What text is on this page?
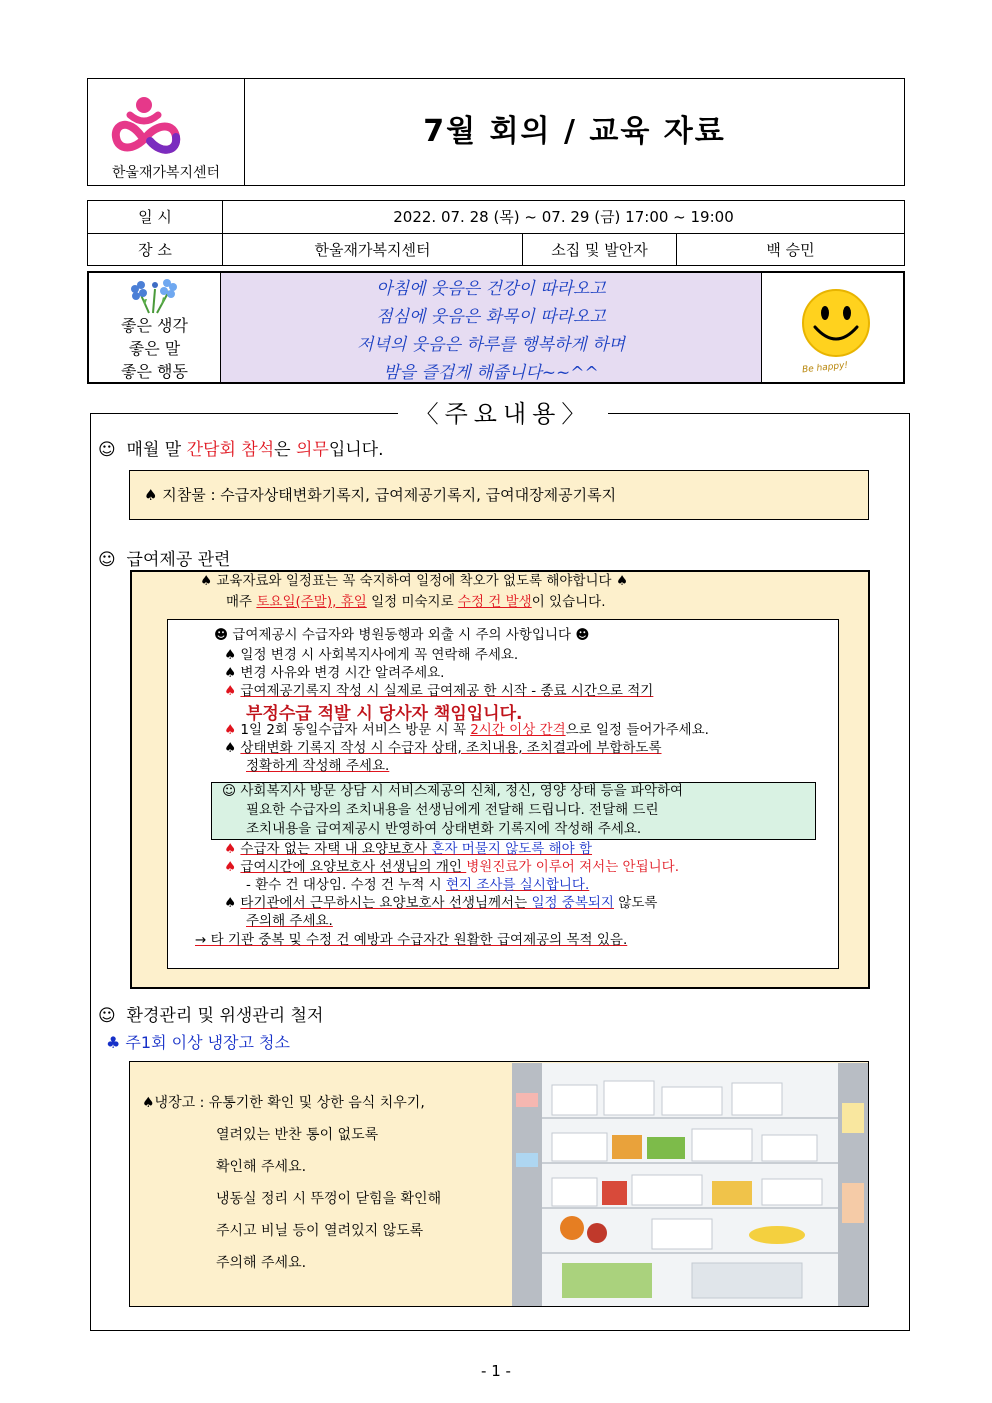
한울재가복지센터
7월 회의 / 교육 자료
일 시	2022. 07. 28 (목) ~ 07. 29 (금) 17:00 ~ 19:00
장 소	한울재가복지센터	소집 및 발안자	백 승민
좋은 생각
좋은 말
좋은 행동
아침에 웃음은 건강이 따라오고
점심에 웃음은 화목이 따라오고
저녁의 웃음은 하루를 행복하게 하며
밤을 즐겁게 해줍니다~~^^	Be happy!
〈주요내용〉
☺ 매월 말 간담회 참석은 의무입니다.
♠ 지참물 : 수급자상태변화기록지, 급여제공기록지, 급여대장제공기록지
☺ 급여제공 관련
♠ 교육자료와 일정표는 꼭 숙지하여 일정에 착오가 없도록 해야합니다 ♠
매주 토요일(주말), 휴일 일정 미숙지로 수정 건 발생이 있습니다.
☻ 급여제공시 수급자와 병원동행과 외출 시 주의 사항입니다 ☻
♠ 일정 변경 시 사회복지사에게 꼭 연락해 주세요.
♠ 변경 사유와 변경 시간 알려주세요.
♠ 급여제공기록지 작성 시 실제로 급여제공 한 시작 - 종료 시간으로 적기
부정수급 적발 시 당사자 책임입니다.
♠ 1일 2회 동일수급자 서비스 방문 시 꼭 2시간 이상 간격으로 일정 들어가주세요.
♠ 상태변화 기록지 작성 시 수급자 상태, 조치내용, 조치결과에 부합하도록
정확하게 작성해 주세요.
☺ 사회복지사 방문 상담 시 서비스제공의 신체, 정신, 영양 상태 등을 파악하여
필요한 수급자의 조치내용을 선생님에게 전달해 드립니다. 전달해 드린
조치내용을 급여제공시 반영하여 상태변화 기록지에 작성해 주세요.
♠ 수급자 없는 자택 내 요양보호사 혼자 머물지 않도록 해야 함
♠ 급여시간에 요양보호사 선생님의 개인 병원진료가 이루어 져서는 안됩니다.
- 환수 건 대상임. 수정 건 누적 시 현지 조사를 실시합니다.
♠ 타기관에서 근무하시는 요양보호사 선생님께서는 일정 중복되지 않도록
주의해 주세요.
→ 타 기관 중복 및 수정 건 예방과 수급자간 원활한 급여제공의 목적 있음.
☺ 환경관리 및 위생관리 철저
♣ 주1회 이상 냉장고 청소
♠냉장고 : 유통기한 확인 및 상한 음식 치우기,
열려있는 반찬 통이 없도록
확인해 주세요.
냉동실 정리 시 뚜껑이 닫힘을 확인해
주시고 비닐 등이 열려있지 않도록
주의해 주세요.
- 1 -
